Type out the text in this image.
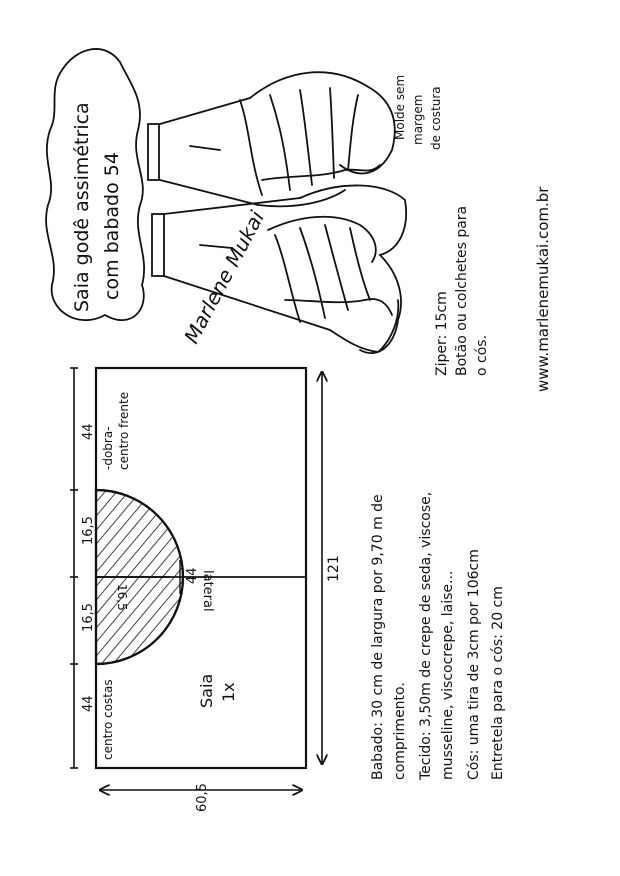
Saia godê assimétrica com babado 54
Molde sem margem de costura
Marlene Mukai
44
16,5
16,5
44
121
60,5
16,5
44 lateral
centro costas
-dobra- centro frente
Saia 1x	Babado: 30 cm de largura por 9,70 m de comprimento. Tecido: 3,50m de crepe de seda, viscose, musseline, viscocrepe, laise... Cós: uma tira de 3cm por 106cm Entretela para o cós: 20 cm
Ziper: 15cm Botão ou colchetes para o cós.	www.marlenemukai.com.br
